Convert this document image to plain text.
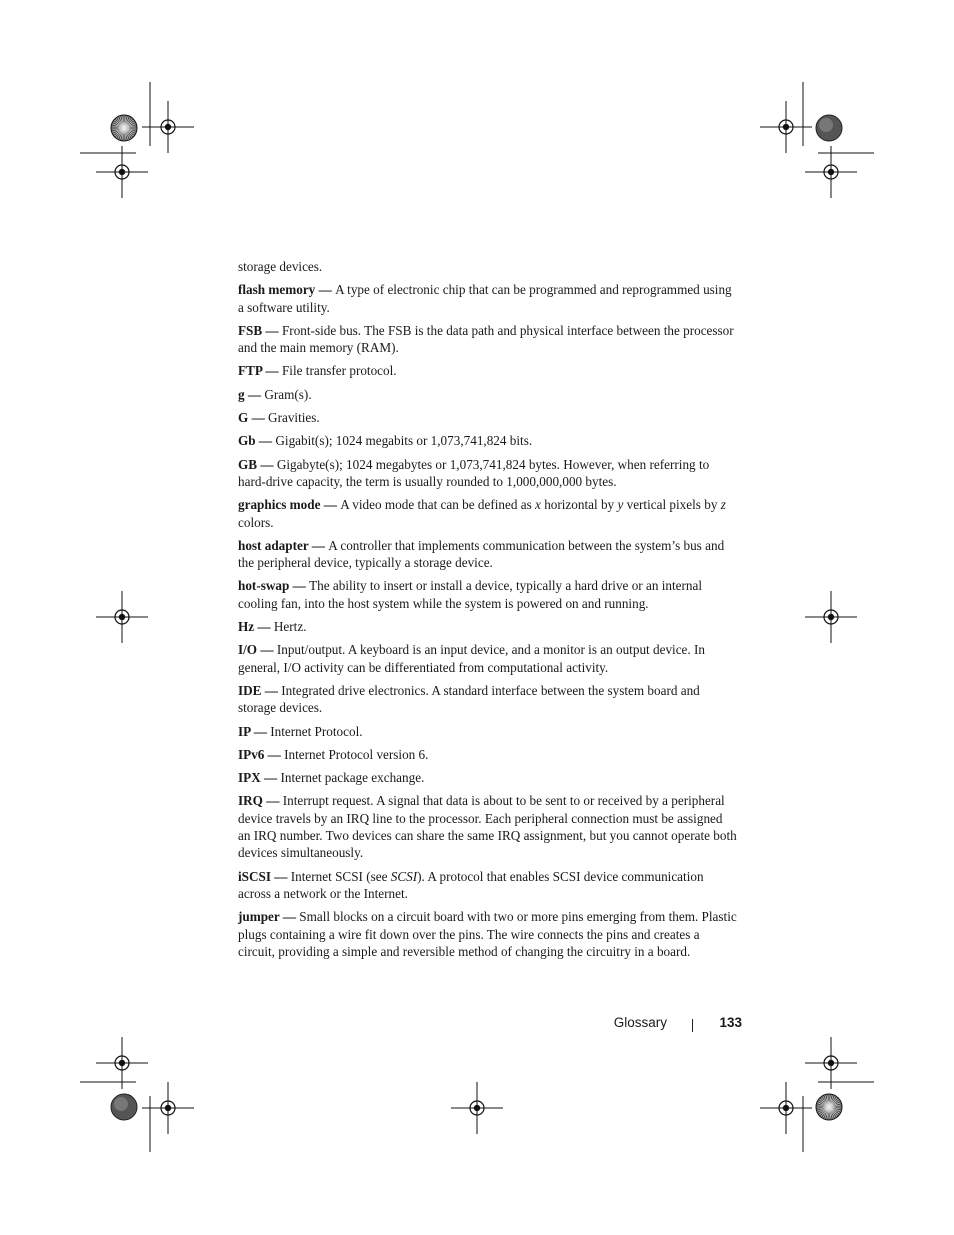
storage devices.

flash memory — A type of electronic chip that can be programmed and reprogrammed using a software utility.

FSB — Front-side bus. The FSB is the data path and physical interface between the processor and the main memory (RAM).

FTP — File transfer protocol.

g — Gram(s).

G — Gravities.

Gb — Gigabit(s); 1024 megabits or 1,073,741,824 bits.

GB — Gigabyte(s); 1024 megabytes or 1,073,741,824 bytes. However, when referring to hard-drive capacity, the term is usually rounded to 1,000,000,000 bytes.

graphics mode — A video mode that can be defined as x horizontal by y vertical pixels by z colors.

host adapter — A controller that implements communication between the system’s bus and the peripheral device, typically a storage device.

hot-swap — The ability to insert or install a device, typically a hard drive or an internal cooling fan, into the host system while the system is powered on and running.

Hz — Hertz.

I/O — Input/output. A keyboard is an input device, and a monitor is an output device. In general, I/O activity can be differentiated from computational activity.

IDE — Integrated drive electronics. A standard interface between the system board and storage devices.

IP — Internet Protocol.

IPv6 — Internet Protocol version 6.

IPX — Internet package exchange.

IRQ — Interrupt request. A signal that data is about to be sent to or received by a peripheral device travels by an IRQ line to the processor. Each peripheral connection must be assigned an IRQ number. Two devices can share the same IRQ assignment, but you cannot operate both devices simultaneously.

iSCSI — Internet SCSI (see SCSI). A protocol that enables SCSI device communication across a network or the Internet.

jumper — Small blocks on a circuit board with two or more pins emerging from them. Plastic plugs containing a wire fit down over the pins. The wire connects the pins and creates a circuit, providing a simple and reversible method of changing the circuitry in a board.

Glossary	133
